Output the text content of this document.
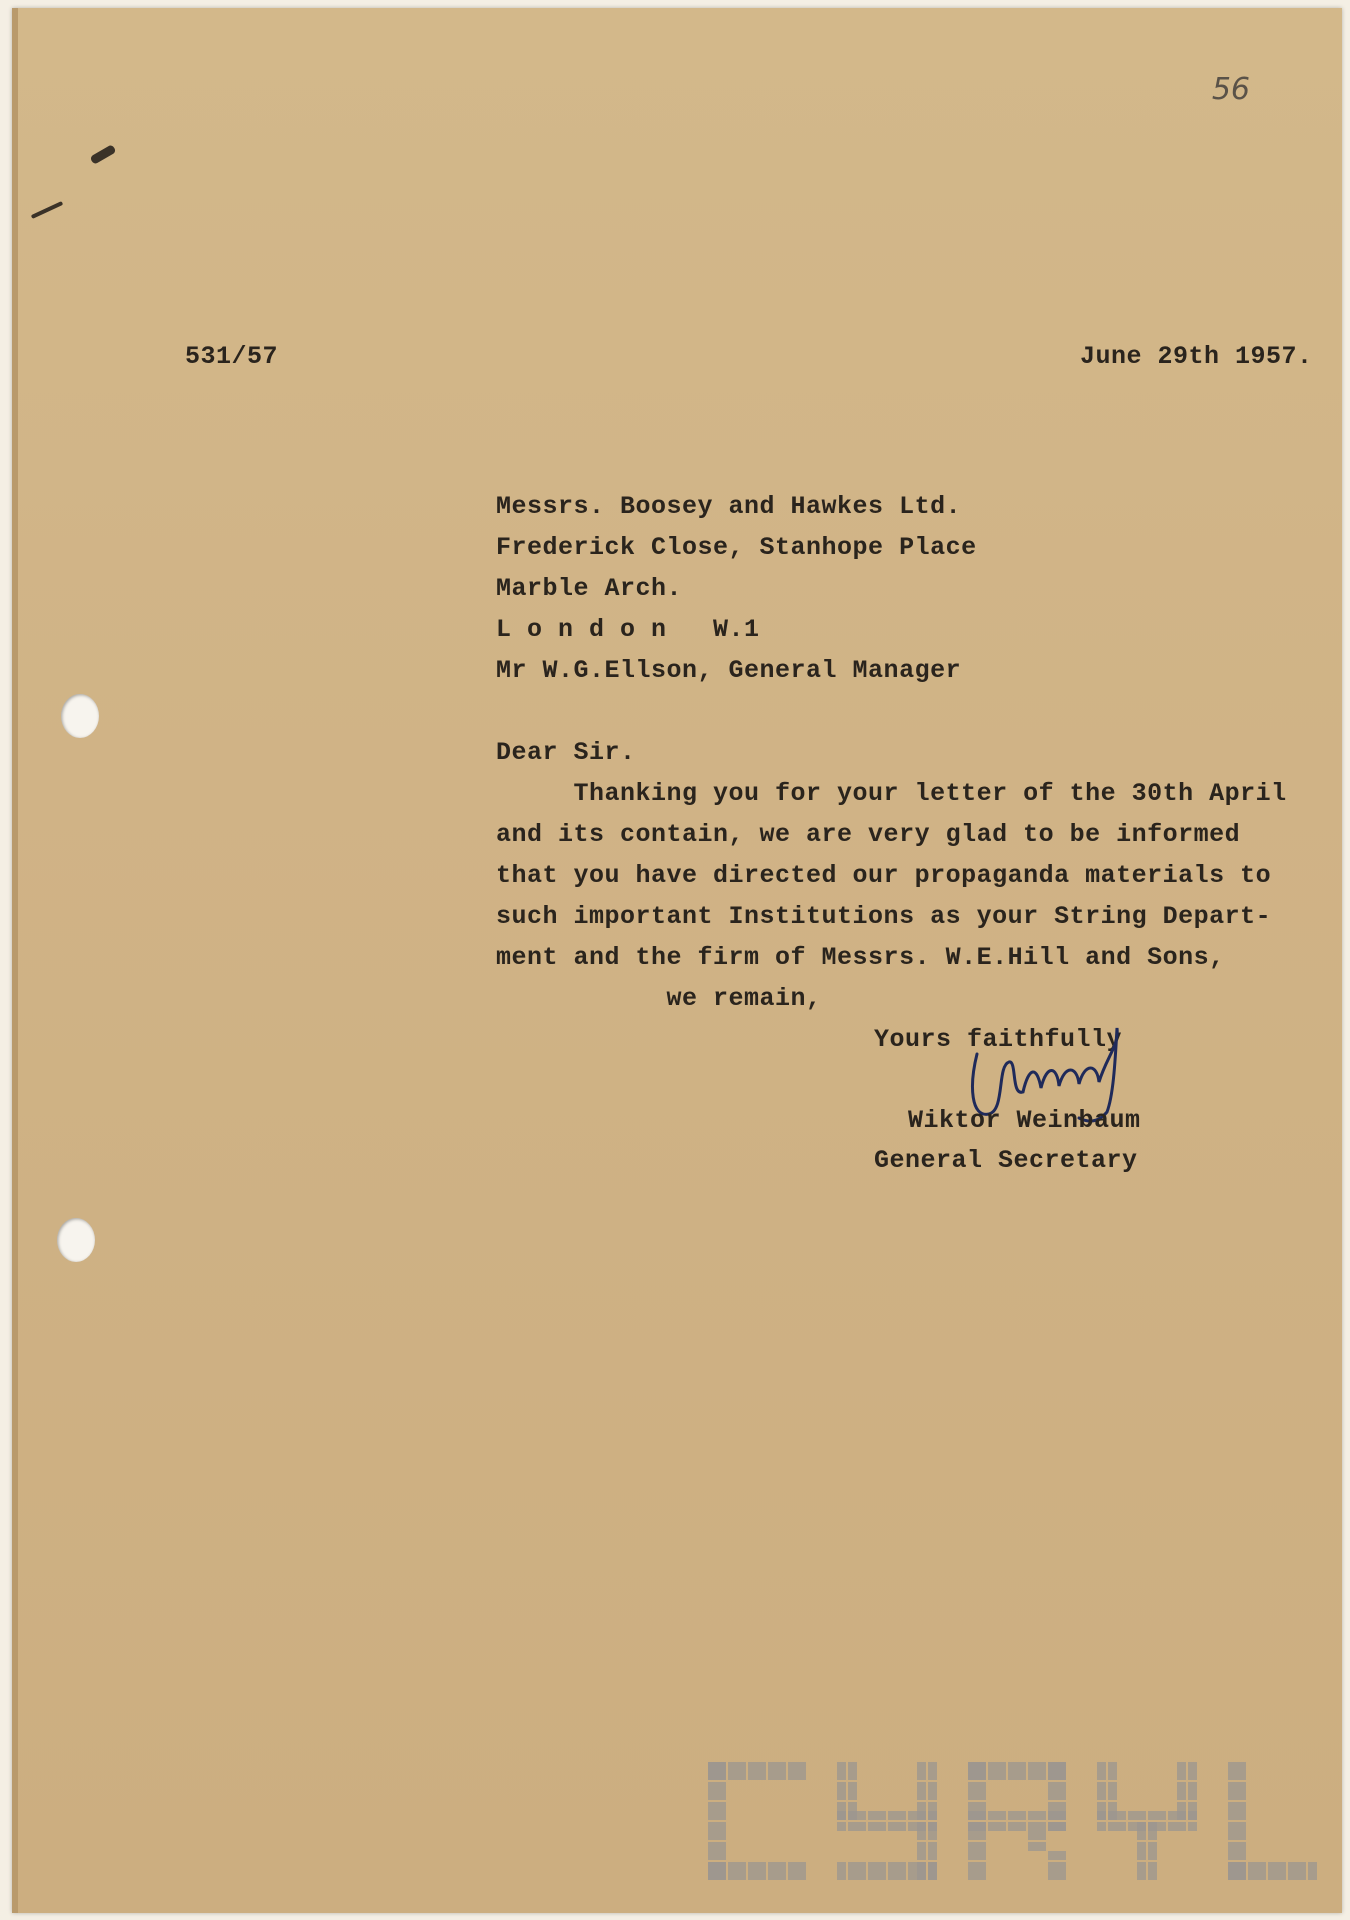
56
531/57	June 29th 1957.
Messrs. Boosey and Hawkes Ltd.
Frederick Close, Stanhope Place
Marble Arch.
L o n d o n   W.1
Mr W.G.Ellson, General Manager
Dear Sir.
Thanking you for your letter of the 30th April
and its contain, we are very glad to be informed
that you have directed our propaganda materials to
such important Institutions as your String Depart-
ment and the firm of Messrs. W.E.Hill and Sons,
we remain,
Yours faithfully
Wiktor Weinbaum
General Secretary
